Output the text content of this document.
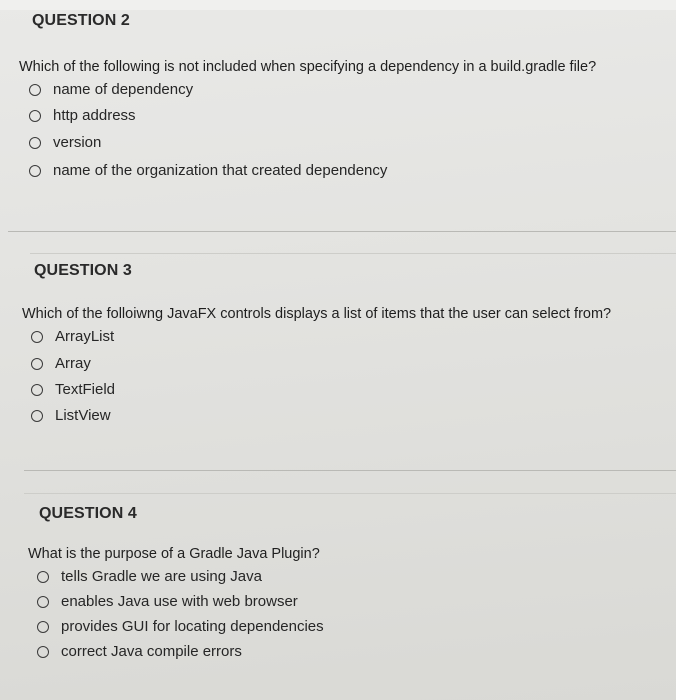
QUESTION 2
Which of the following is not included when specifying a dependency in a build.gradle file?
name of dependency
http address
version
name of the organization that created dependency
QUESTION 3
Which of the folloiwng JavaFX controls displays a list of items that the user can select from?
ArrayList
Array
TextField
ListView
QUESTION 4
What is the purpose of a Gradle Java Plugin?
tells Gradle we are using Java
enables Java use with web browser
provides GUI for locating dependencies
correct Java compile errors
